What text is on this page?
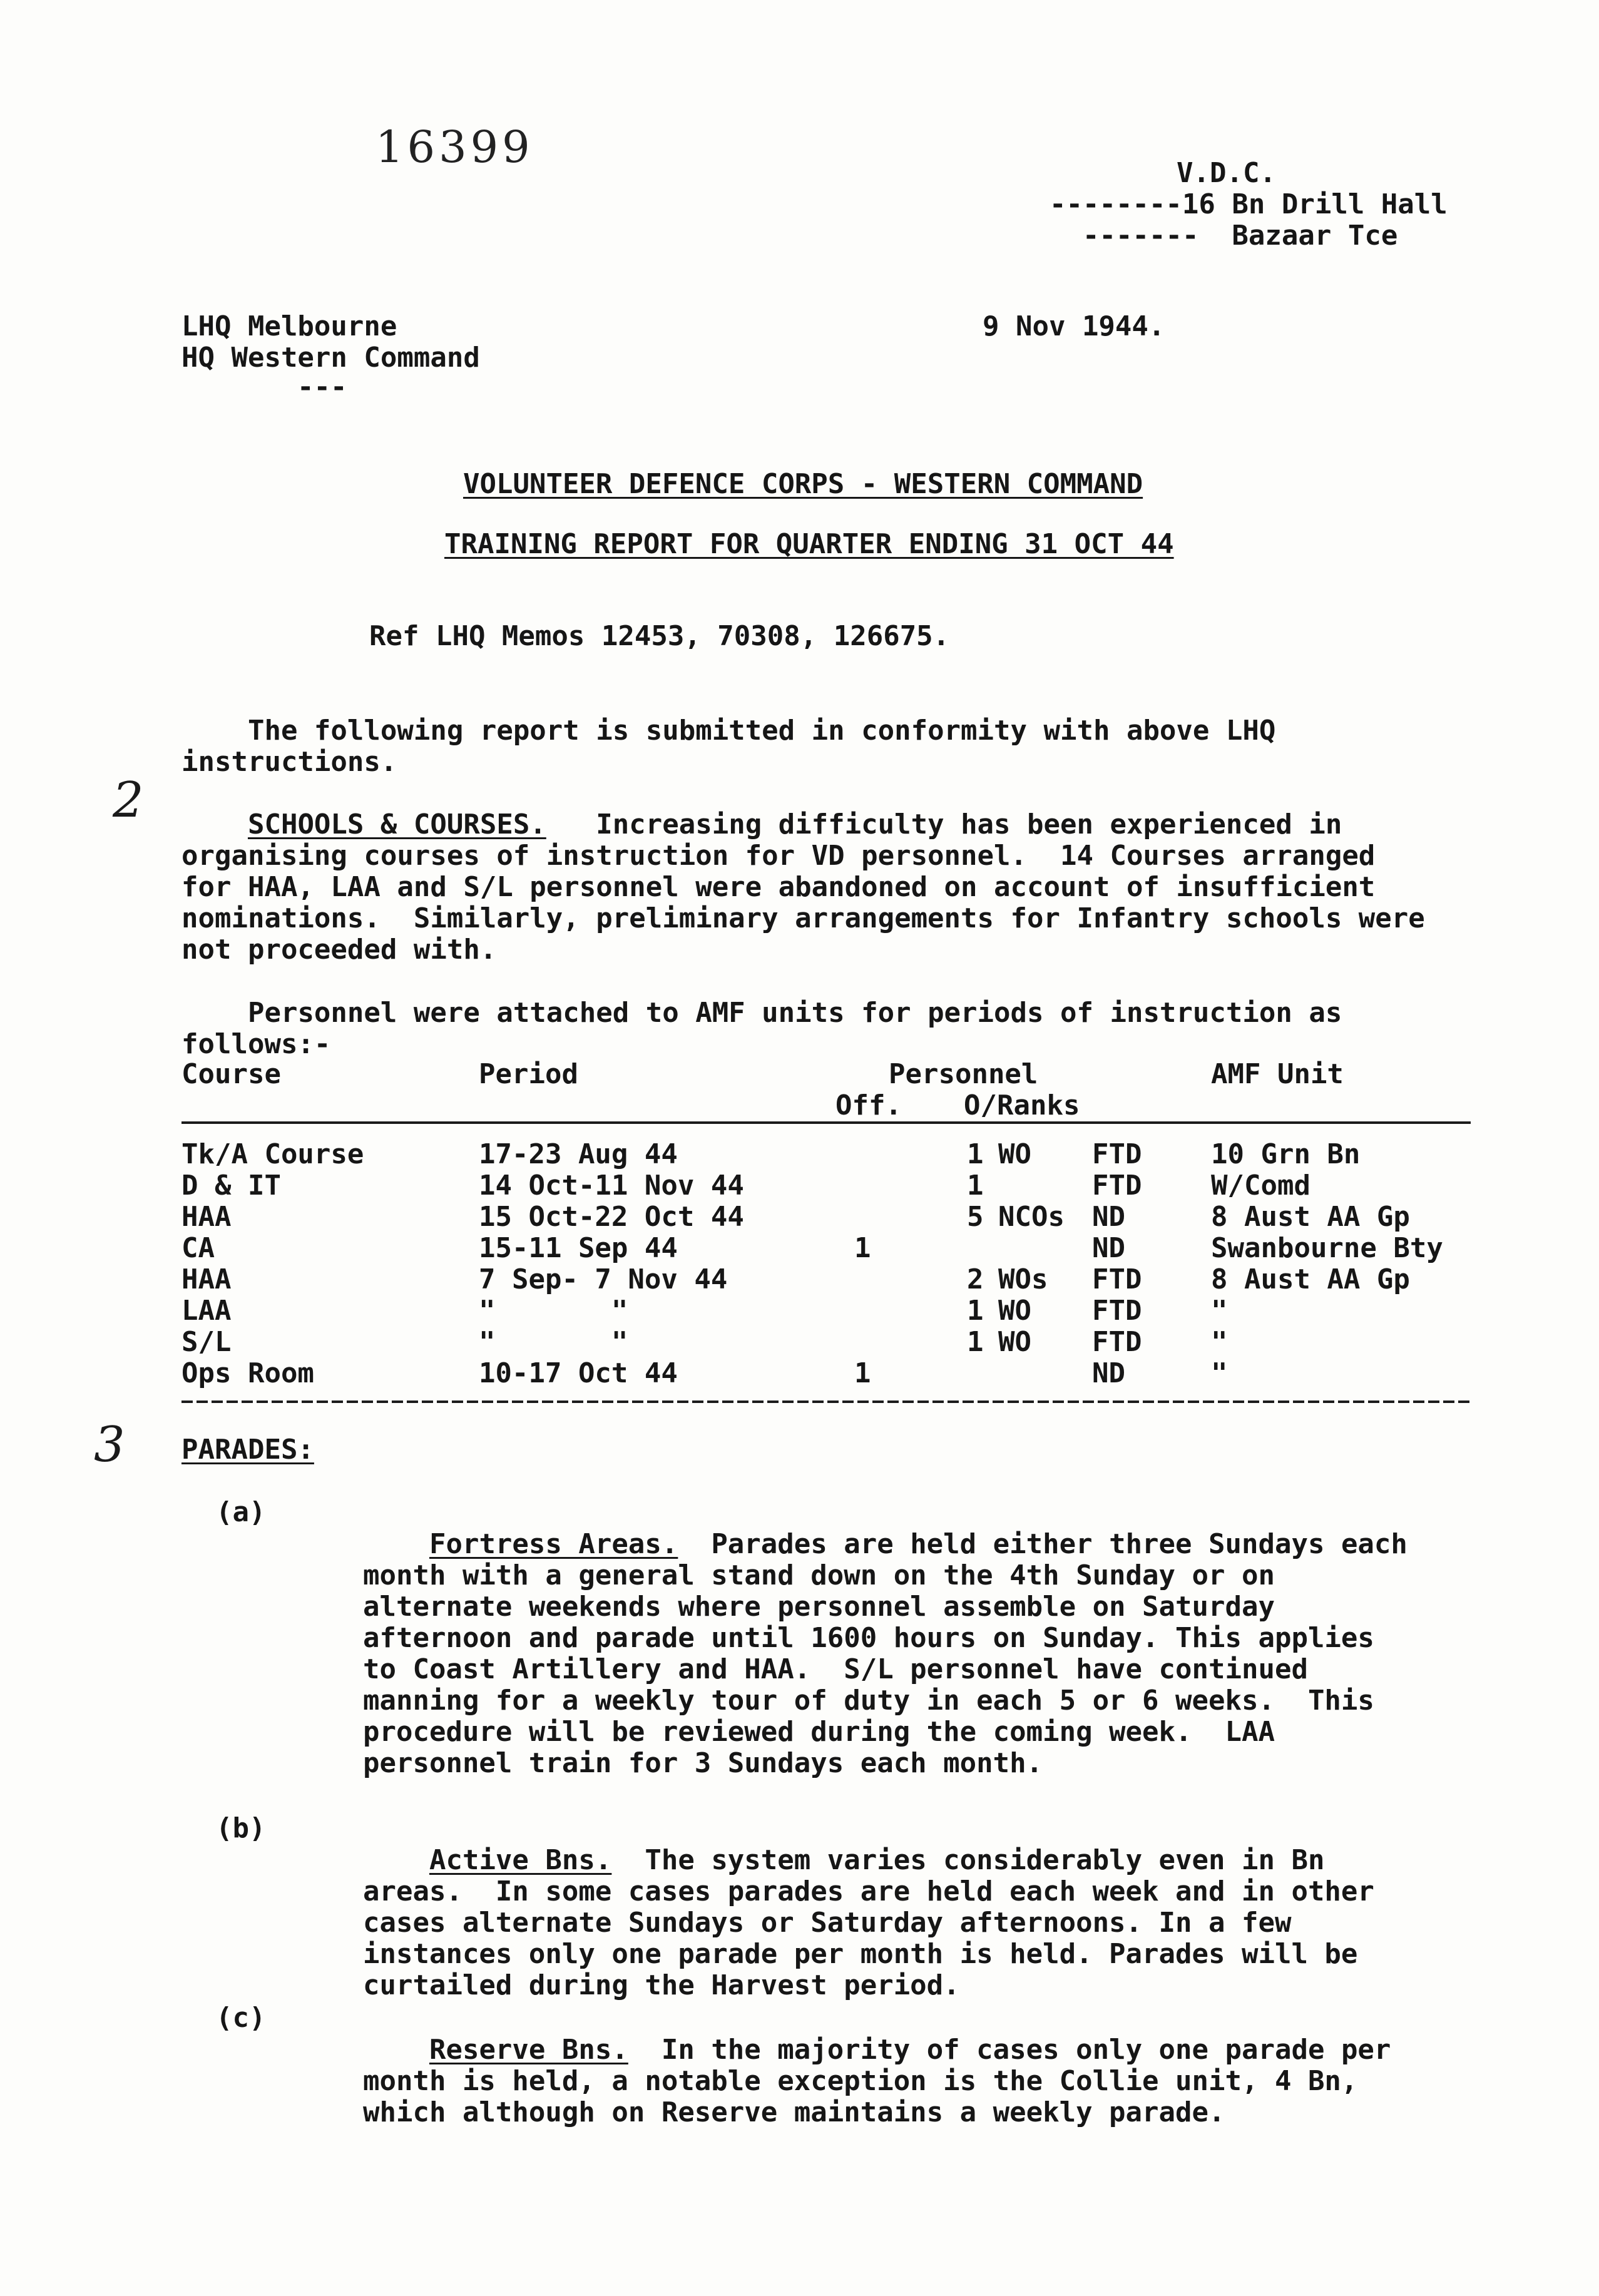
16399
V.D.C.
--------16 Bn Drill Hall
-------  Bazaar Tce
LHQ Melbourne
HQ Western Command
---
9 Nov 1944.
VOLUNTEER DEFENCE CORPS - WESTERN COMMAND
TRAINING REPORT FOR QUARTER ENDING 31 OCT 44
Ref LHQ Memos 12453, 70308, 126675.

The following report is submitted in conformity with above LHQ instructions.

2	SCHOOLS & COURSES. Increasing difficulty has been experienced in organising courses of instruction for VD personnel.  14 Courses arranged for HAA, LAA and S/L personnel were abandoned on account of insufficient nominations.  Similarly, preliminary arrangements for Infantry schools were not proceeded with.

Personnel were attached to AMF units for periods of instruction as follows:-

Course	Period	Personnel	AMF Unit
Off. O/Ranks
Tk/A Course	17-23 Aug 44	1 WO FTD	10 Grn Bn
D & IT	14 Oct-11 Nov 44	1	FTD	W/Comd
HAA	15 Oct-22 Oct 44	5 NCOs ND	8 Aust AA Gp
CA	15-11 Sep 44	1	ND	Swanbourne Bty
HAA	7 Sep- 7 Nov 44	2 WOs FTD	8 Aust AA Gp
LAA	"       "	1 WO FTD	"
S/L	"       "	1 WO FTD	"
Ops Room	10-17 Oct 44	1	ND	"
3 PARADES:
(a)

Fortress Areas. Parades are held either three Sundays each month with a general stand down on the 4th Sunday or on alternate weekends where personnel assemble on Saturday afternoon and parade until 1600 hours on Sunday. This applies to Coast Artillery and HAA.  S/L personnel have continued manning for a weekly tour of duty in each 5 or 6 weeks.  This procedure will be reviewed during the coming week.  LAA personnel train for 3 Sundays each month.

(b)

Active Bns. The system varies considerably even in Bn areas.  In some cases parades are held each week and in other cases alternate Sundays or Saturday afternoons. In a few instances only one parade per month is held. Parades will be curtailed during the Harvest period.

(c)

Reserve Bns. In the majority of cases only one parade per month is held, a notable exception is the Collie unit, 4 Bn, which although on Reserve maintains a weekly parade.
